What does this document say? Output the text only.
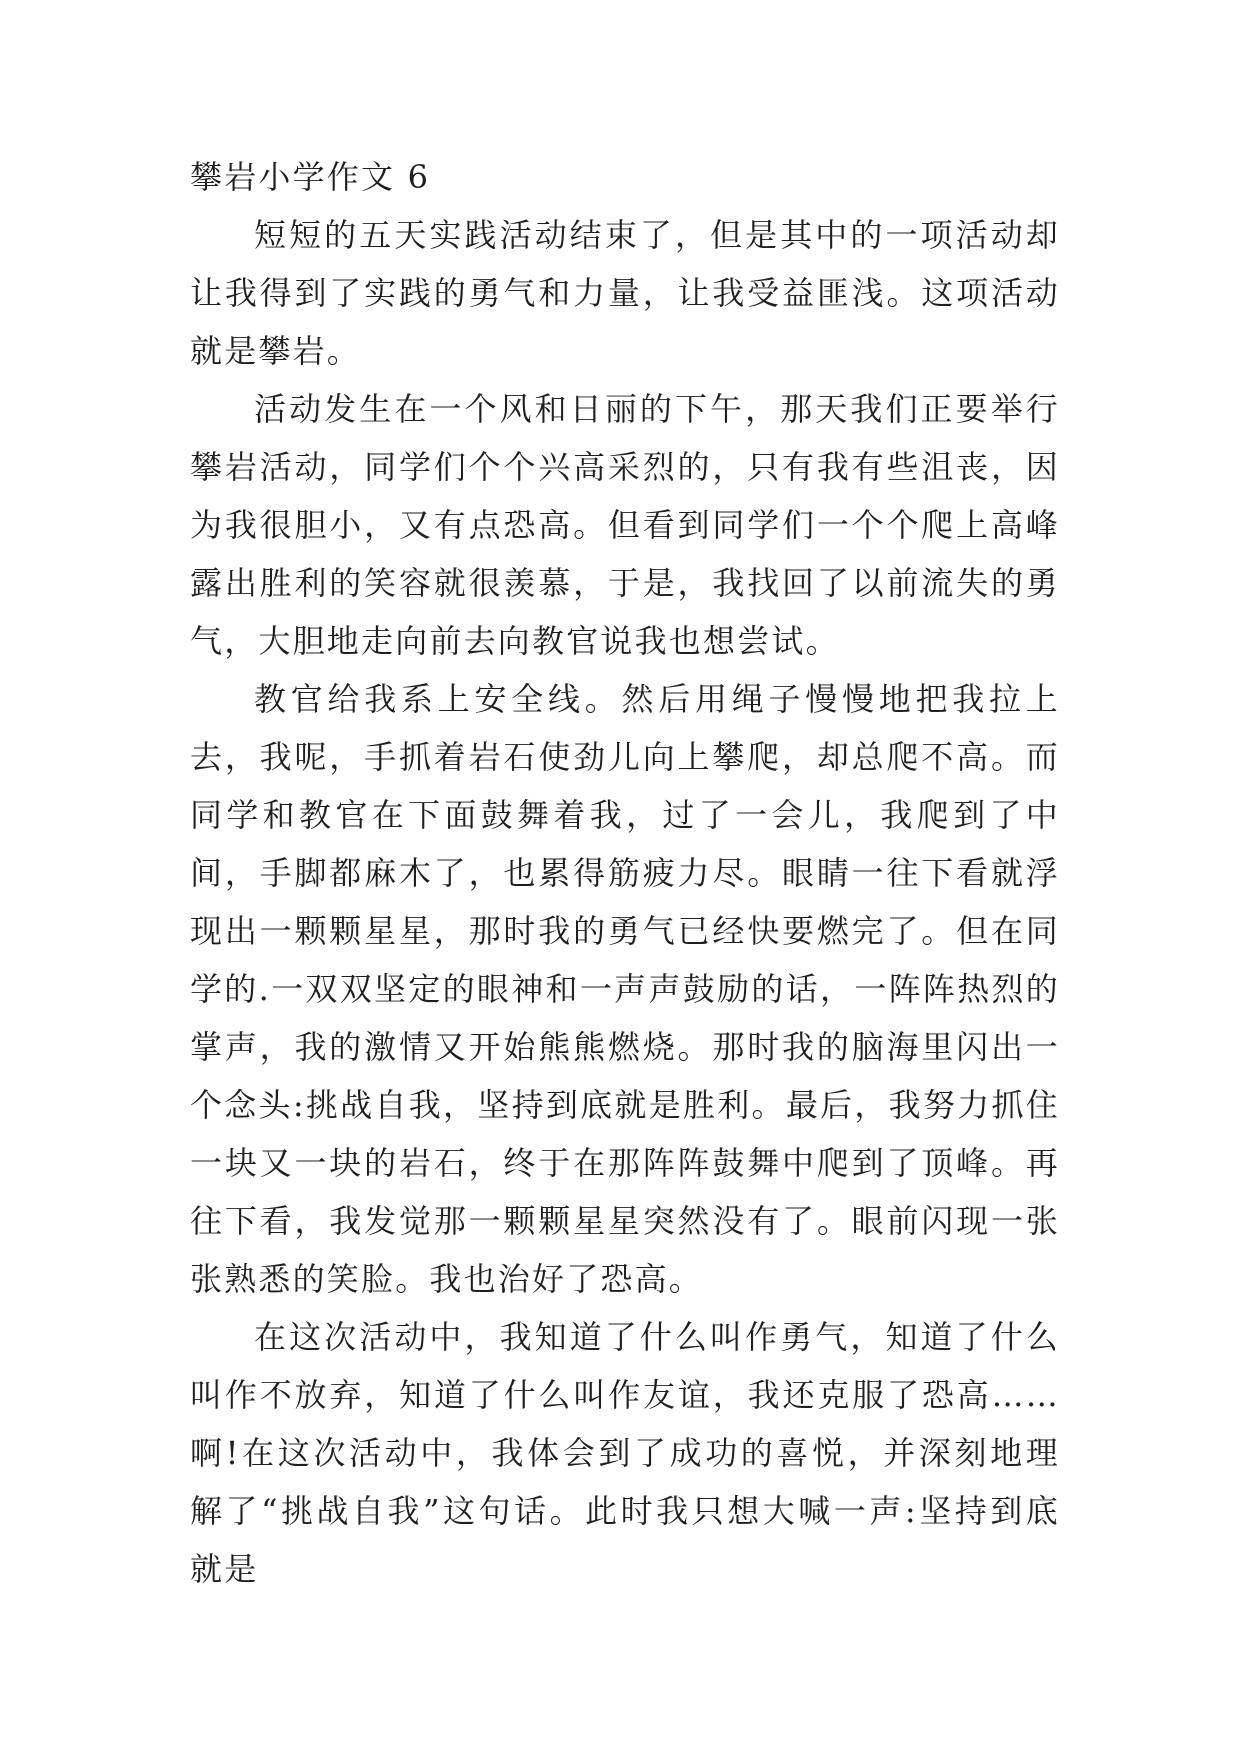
攀岩小学作文 6

短短的五天实践活动结束了，但是其中的一项活动却让我得到了实践的勇气和力量，让我受益匪浅。这项活动就是攀岩。

活动发生在一个风和日丽的下午，那天我们正要举行攀岩活动，同学们个个兴高采烈的，只有我有些沮丧，因为我很胆小，又有点恐高。但看到同学们一个个爬上高峰露出胜利的笑容就很羡慕，于是，我找回了以前流失的勇气，大胆地走向前去向教官说我也想尝试。

教官给我系上安全线。然后用绳子慢慢地把我拉上去，我呢，手抓着岩石使劲儿向上攀爬，却总爬不高。而同学和教官在下面鼓舞着我，过了一会儿，我爬到了中间，手脚都麻木了，也累得筋疲力尽。眼睛一往下看就浮现出一颗颗星星，那时我的勇气已经快要燃完了。但在同学的.一双双坚定的眼神和一声声鼓励的话，一阵阵热烈的掌声，我的激情又开始熊熊燃烧。那时我的脑海里闪出一个念头:挑战自我，坚持到底就是胜利。最后，我努力抓住一块又一块的岩石，终于在那阵阵鼓舞中爬到了顶峰。再往下看，我发觉那一颗颗星星突然没有了。眼前闪现一张张熟悉的笑脸。我也治好了恐高。

在这次活动中，我知道了什么叫作勇气，知道了什么叫作不放弃，知道了什么叫作友谊，我还克服了恐高……啊!在这次活动中，我体会到了成功的喜悦，并深刻地理解了“挑战自我”这句话。此时我只想大喊一声:坚持到底就是
